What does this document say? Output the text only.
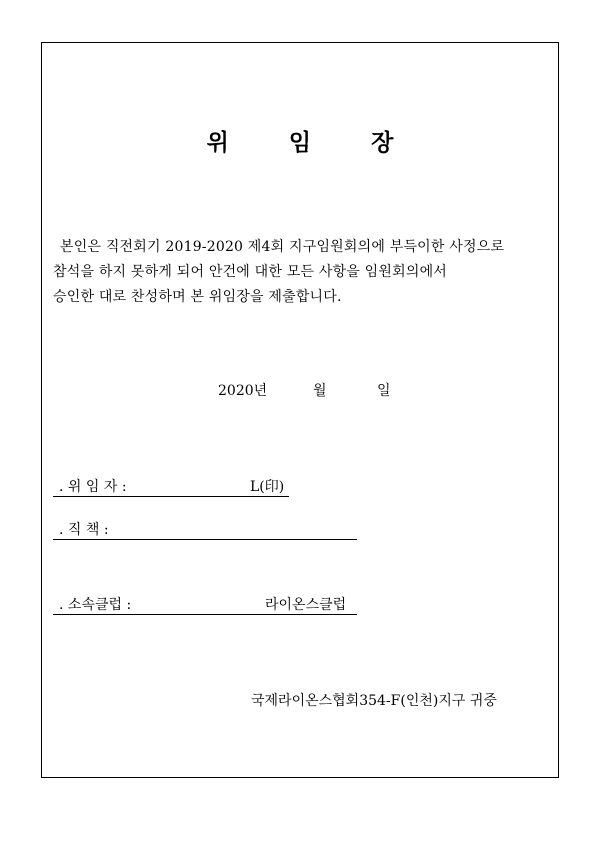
위 임 장
본인은 직전회기 2019-2020 제4회 지구임원회의에 부득이한 사정으로
참석을 하지 못하게 되어 안건에 대한 모든 사항을 임원회의에서
승인한 대로 찬성하며 본 위임장을 제출합니다.
2020년	월	일
. 위 임 자 :	L(印)
. 직 책 :
. 소속클럽 :	라이온스클럽
국제라이온스협회354-F(인천)지구 귀중
